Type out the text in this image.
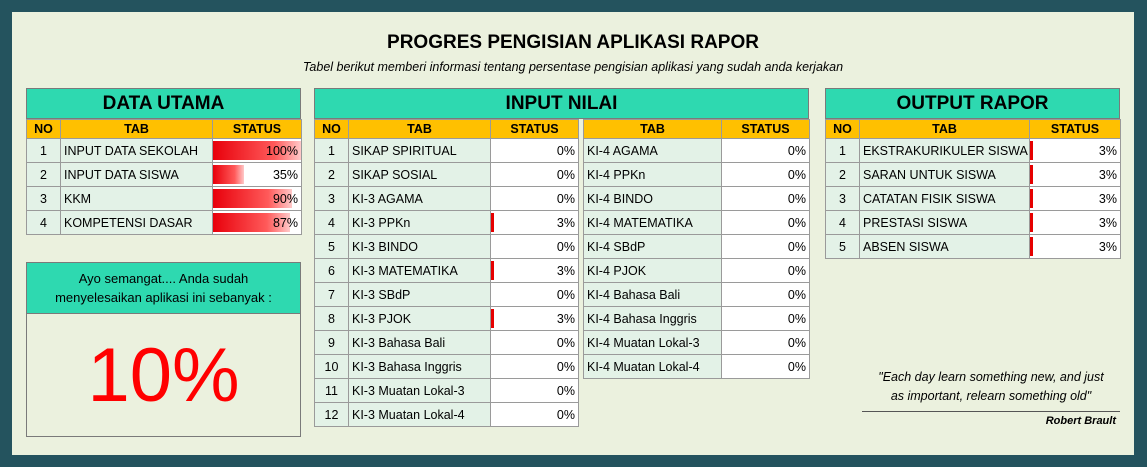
PROGRES PENGISIAN APLIKASI RAPOR
Tabel berikut memberi informasi tentang persentase pengisian aplikasi yang sudah anda kerjakan
DATA UTAMA
NO	TAB	STATUS
1	INPUT DATA SEKOLAH	100%
2	INPUT DATA SISWA	35%
3	KKM	90%
4	KOMPETENSI DASAR	87%
INPUT NILAI
NO	TAB	STATUS
1	SIKAP SPIRITUAL	0%
2	SIKAP SOSIAL	0%
3	KI-3 AGAMA	0%
4	KI-3 PPKn	3%
5	KI-3 BINDO	0%
6	KI-3 MATEMATIKA	3%
7	KI-3 SBdP	0%
8	KI-3 PJOK	3%
9	KI-3 Bahasa Bali	0%
10	KI-3 Bahasa Inggris	0%
11	KI-3 Muatan Lokal-3	0%
12	KI-3 Muatan Lokal-4	0%
TAB	STATUS
KI-4 AGAMA	0%
KI-4 PPKn	0%
KI-4 BINDO	0%
KI-4 MATEMATIKA	0%
KI-4 SBdP	0%
KI-4 PJOK	0%
KI-4 Bahasa Bali	0%
KI-4 Bahasa Inggris	0%
KI-4 Muatan Lokal-3	0%
KI-4 Muatan Lokal-4	0%
OUTPUT RAPOR
NO	TAB	STATUS
1	EKSTRAKURIKULER SISWA	3%
2	SARAN UNTUK SISWA	3%
3	CATATAN FISIK SISWA	3%
4	PRESTASI SISWA	3%
5	ABSEN SISWA	3%
Ayo semangat.... Anda sudah
menyelesaikan aplikasi ini sebanyak :
10%	"Each day learn something new, and just
as important, relearn something old"
Robert Brault
